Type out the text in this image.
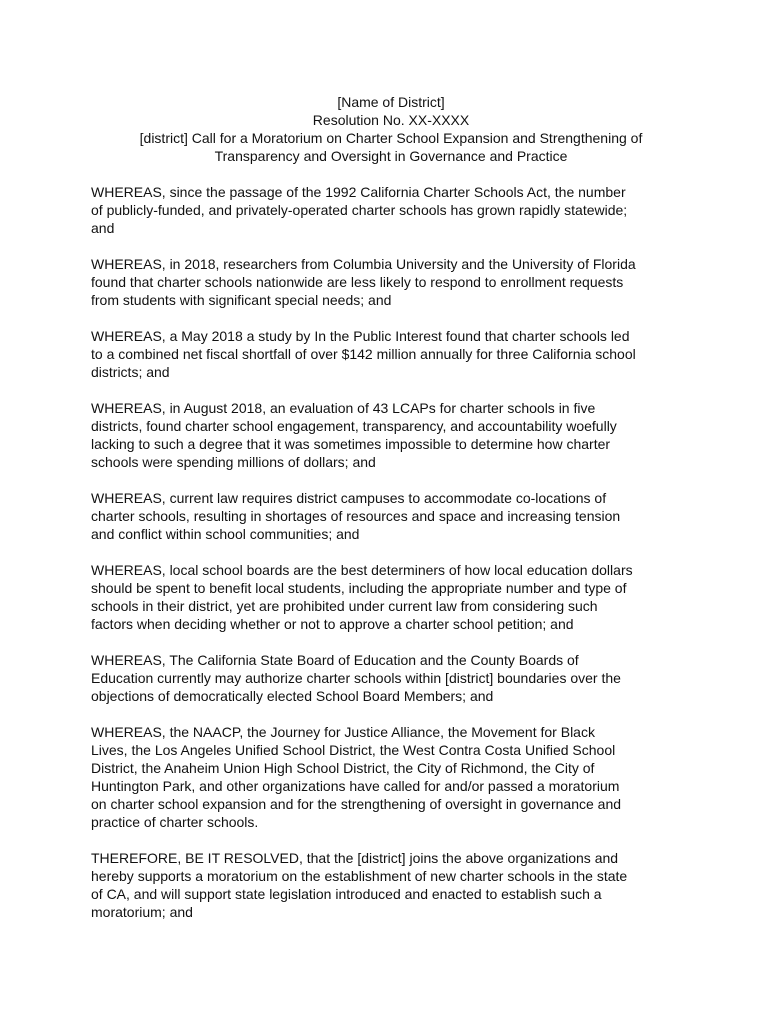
[Name of District]
Resolution No. XX-XXXX
[district] Call for a Moratorium on Charter School Expansion and Strengthening of
Transparency and Oversight in Governance and Practice
WHEREAS, since the passage of the 1992 California Charter Schools Act, the number
of publicly-funded, and privately-operated charter schools has grown rapidly statewide;
and
WHEREAS, in 2018, researchers from Columbia University and the University of Florida
found that charter schools nationwide are less likely to respond to enrollment requests
from students with significant special needs; and
WHEREAS, a May 2018 a study by In the Public Interest found that charter schools led
to a combined net fiscal shortfall of over $142 million annually for three California school
districts; and
WHEREAS, in August 2018, an evaluation of 43 LCAPs for charter schools in five
districts, found charter school engagement, transparency, and accountability woefully
lacking to such a degree that it was sometimes impossible to determine how charter
schools were spending millions of dollars; and
WHEREAS, current law requires district campuses to accommodate co-locations of
charter schools, resulting in shortages of resources and space and increasing tension
and conflict within school communities; and
WHEREAS, local school boards are the best determiners of how local education dollars
should be spent to benefit local students, including the appropriate number and type of
schools in their district, yet are prohibited under current law from considering such
factors when deciding whether or not to approve a charter school petition; and
WHEREAS, The California State Board of Education and the County Boards of
Education currently may authorize charter schools within [district] boundaries over the
objections of democratically elected School Board Members; and
WHEREAS, the NAACP, the Journey for Justice Alliance, the Movement for Black
Lives, the Los Angeles Unified School District, the West Contra Costa Unified School
District, the Anaheim Union High School District, the City of Richmond, the City of
Huntington Park, and other organizations have called for and/or passed a moratorium
on charter school expansion and for the strengthening of oversight in governance and
practice of charter schools.
THEREFORE, BE IT RESOLVED, that the [district] joins the above organizations and
hereby supports a moratorium on the establishment of new charter schools in the state
of CA, and will support state legislation introduced and enacted to establish such a
moratorium; and
